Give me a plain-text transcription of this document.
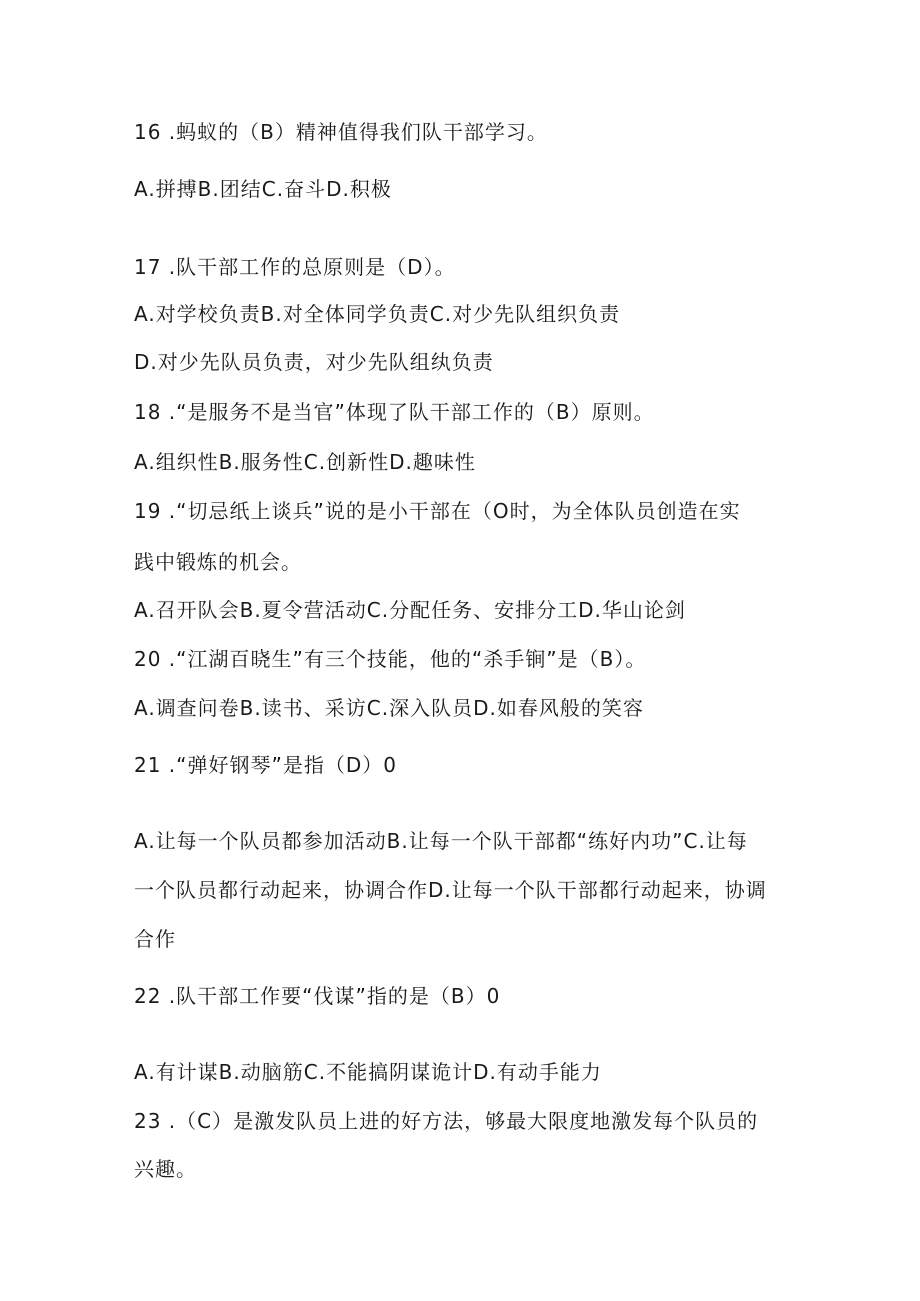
16 .蚂蚁的（B）精神值得我们队干部学习。
A.拼搏B.团结C.奋斗D.积极
17 .队干部工作的总原则是（D）。
A.对学校负责B.对全体同学负责C.对少先队组织负责
D.对少先队员负责，对少先队组纨负责
18 .“是服务不是当官”体现了队干部工作的（B）原则。
A.组织性B.服务性C.创新性D.趣味性
19 .“切忌纸上谈兵”说的是小干部在（O时，为全体队员创造在实
践中锻炼的机会。
A.召开队会B.夏令营活动C.分配任务、安排分工D.华山论剑
20 .“江湖百晓生”有三个技能，他的“杀手锏”是（B）。
A.调查问卷B.读书、采访C.深入队员D.如春风般的笑容
21 .“弹好钢琴”是指（D）0
A.让每一个队员都参加活动B.让每一个队干部都“练好内功”C.让每
一个队员都行动起来，协调合作D.让每一个队干部都行动起来，协调
合作
22 .队干部工作要“伐谋”指的是（B）0
A.有计谋B.动脑筋C.不能搞阴谋诡计D.有动手能力
23 .（C）是激发队员上进的好方法，够最大限度地激发每个队员的
兴趣。
